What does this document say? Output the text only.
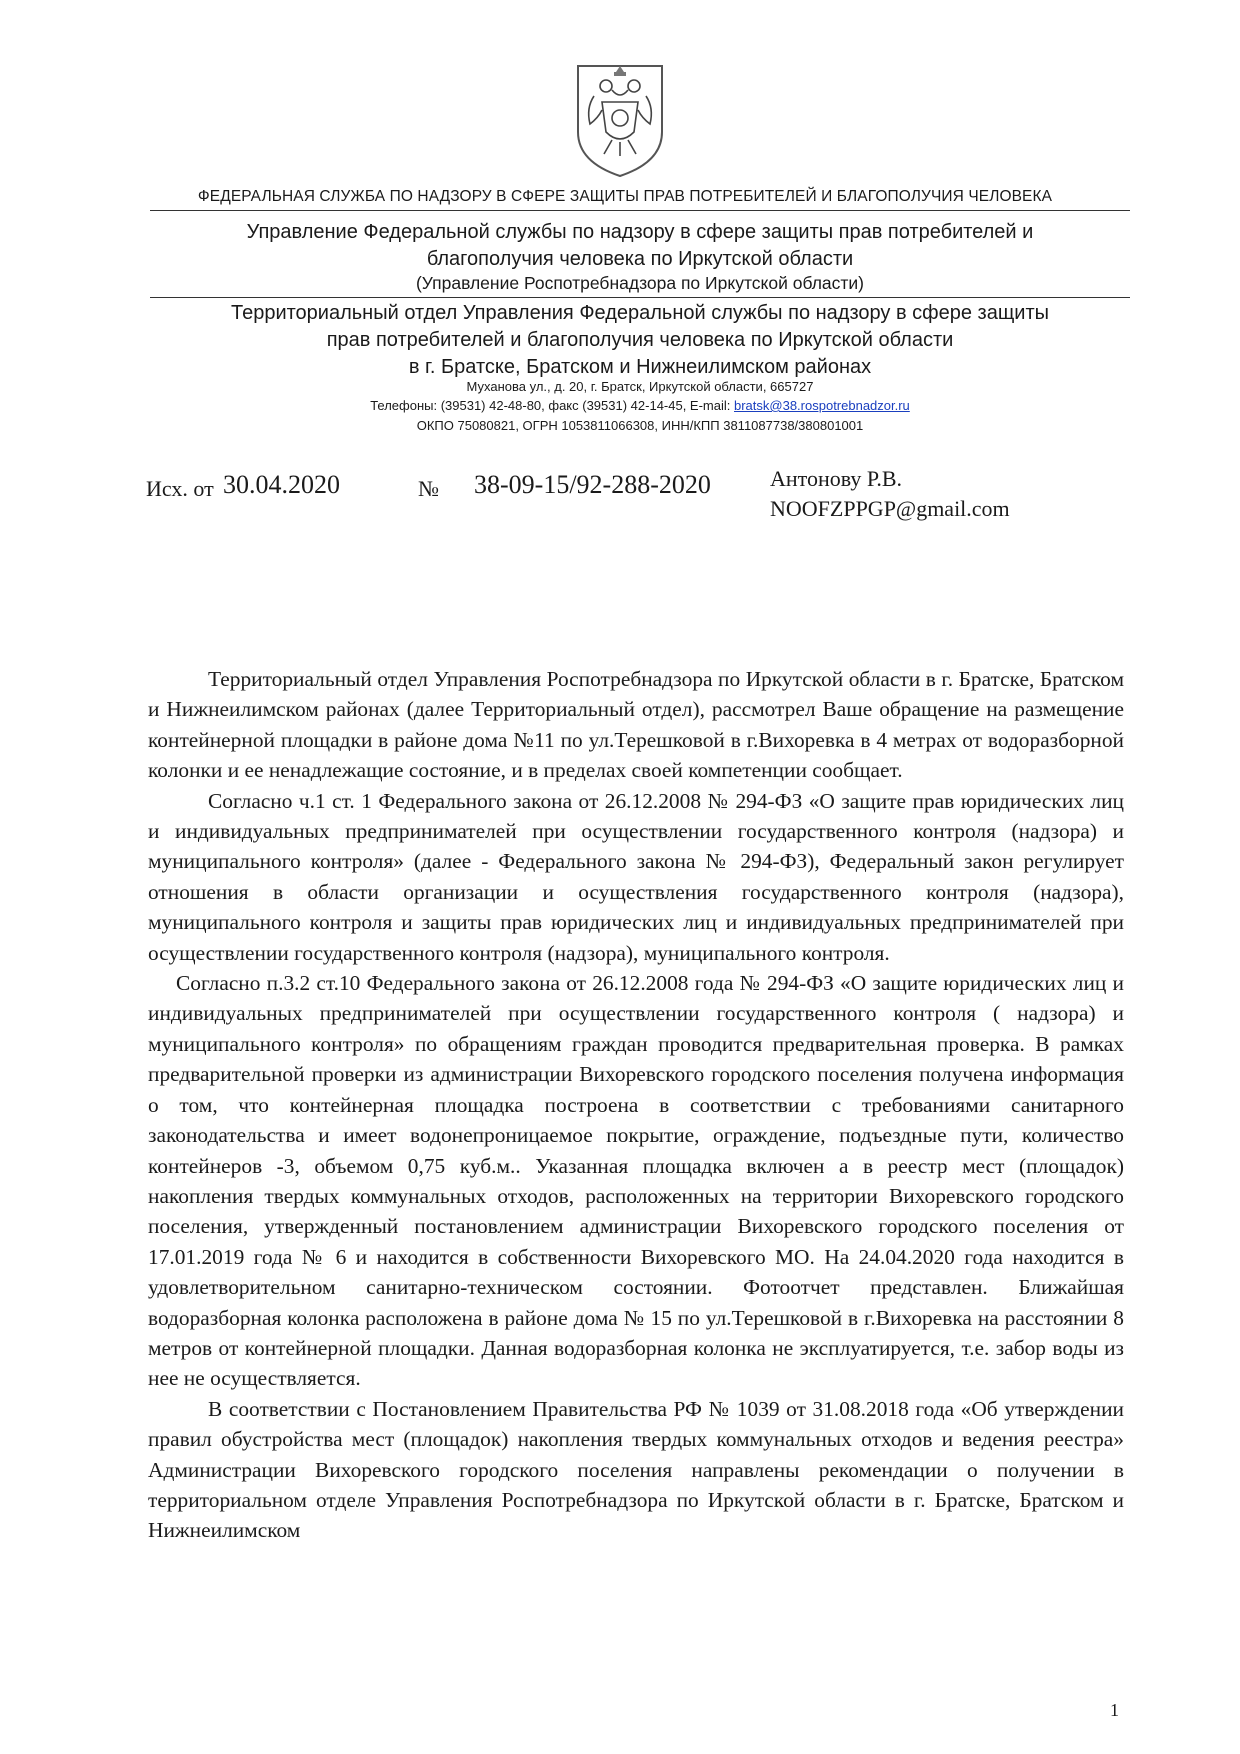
ФЕДЕРАЛЬНАЯ СЛУЖБА ПО НАДЗОРУ В СФЕРЕ ЗАЩИТЫ ПРАВ ПОТРЕБИТЕЛЕЙ И БЛАГОПОЛУЧИЯ ЧЕЛОВЕКА
Управление Федеральной службы по надзору в сфере защиты прав потребителей и
благополучия человека по Иркутской области
(Управление Роспотребнадзора по Иркутской области)
Территориальный отдел Управления Федеральной службы по надзору в сфере защиты
прав потребителей и благополучия человека по Иркутской области
в г. Братске, Братском и Нижнеилимском районах
Муханова ул., д. 20, г. Братск, Иркутской области, 665727
Телефоны: (39531) 42-48-80, факс (39531) 42-14-45, E-mail: bratsk@38.rospotrebnadzor.ru
ОКПО 75080821, ОГРН 1053811066308, ИНН/КПП 3811087738/380801001
Исх. от 30.04.2020	№ 38-09-15/92-288-2020	Антонову Р.В.
NOOFZPPGP@gmail.com

Территориальный отдел Управления Роспотребнадзора по Иркутской области в г. Братске, Братском и Нижнеилимском районах (далее Территориальный отдел), рассмотрел Ваше обращение на размещение контейнерной площадки в районе дома №11 по ул.Терешковой в г.Вихоревка в 4 метрах от водоразборной колонки и ее ненадлежащие состояние, и в пределах своей компетенции сообщает.

Согласно ч.1 ст. 1 Федерального закона от 26.12.2008 № 294-ФЗ «О защите прав юридических лиц и индивидуальных предпринимателей при осуществлении государственного контроля (надзора) и муниципального контроля» (далее - Федерального закона № 294-ФЗ), Федеральный закон регулирует отношения в области организации и осуществления государственного контроля (надзора), муниципального контроля и защиты прав юридических лиц и индивидуальных предпринимателей при осуществлении государственного контроля (надзора), муниципального контроля.

Согласно п.3.2 ст.10 Федерального закона от 26.12.2008 года № 294-ФЗ «О защите юридических лиц и индивидуальных предпринимателей при осуществлении государственного контроля ( надзора) и муниципального контроля» по обращениям граждан проводится предварительная проверка. В рамках предварительной проверки из администрации Вихоревского городского поселения получена информация о том, что контейнерная площадка построена в соответствии с требованиями санитарного законодательства и имеет водонепроницаемое покрытие, ограждение, подъездные пути, количество контейнеров -3, объемом 0,75 куб.м.. Указанная площадка включен а в реестр мест (площадок) накопления твердых коммунальных отходов, расположенных на территории Вихоревского городского поселения, утвержденный постановлением администрации Вихоревского городского поселения от 17.01.2019 года № 6 и находится в собственности Вихоревского МО. На 24.04.2020 года находится в удовлетворительном санитарно-техническом состоянии. Фотоотчет представлен. Ближайшая водоразборная колонка расположена в районе дома № 15 по ул.Терешковой в г.Вихоревка на расстоянии 8 метров от контейнерной площадки. Данная водоразборная колонка не эксплуатируется, т.е. забор воды из нее не осуществляется.

В соответствии с Постановлением Правительства РФ № 1039 от 31.08.2018 года «Об утверждении правил обустройства мест (площадок) накопления твердых коммунальных отходов и ведения реестра» Администрации Вихоревского городского поселения направлены рекомендации о получении в территориальном отделе Управления Роспотребнадзора по Иркутской области в г. Братске, Братском и Нижнеилимском

1
